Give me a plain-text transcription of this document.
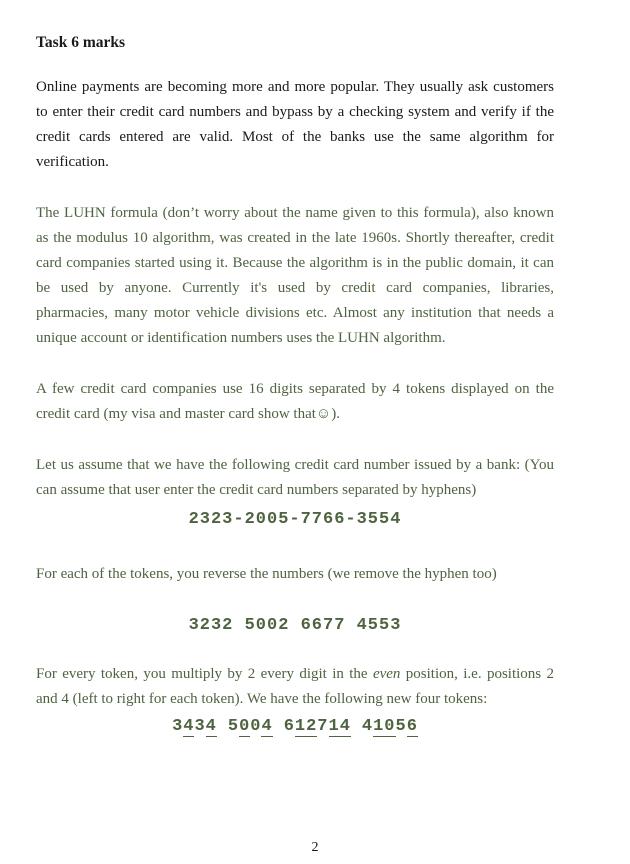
Task 6 marks

Online payments are becoming more and more popular. They usually ask customers to enter their credit card numbers and bypass by a checking system and verify if the credit cards entered are valid. Most of the banks use the same algorithm for verification.

The LUHN formula (don’t worry about the name given to this formula), also known as the modulus 10 algorithm, was created in the late 1960s. Shortly thereafter, credit card companies started using it. Because the algorithm is in the public domain, it can be used by anyone. Currently it's used by credit card companies, libraries, pharmacies, many motor vehicle divisions etc. Almost any institution that needs a unique account or identification numbers uses the LUHN algorithm.

A few credit card companies use 16 digits separated by 4 tokens displayed on the credit card (my visa and master card show that☺).

Let us assume that we have the following credit card number issued by a bank: (You can assume that user enter the credit card numbers separated by hyphens)

2323-2005-7766-3554

For each of the tokens, you reverse the numbers (we remove the hyphen too)

3232 5002 6677 4553

For every token, you multiply by 2 every digit in the even position, i.e. positions 2 and 4 (left to right for each token). We have the following new four tokens:

3434 5004 612714 41056
2
